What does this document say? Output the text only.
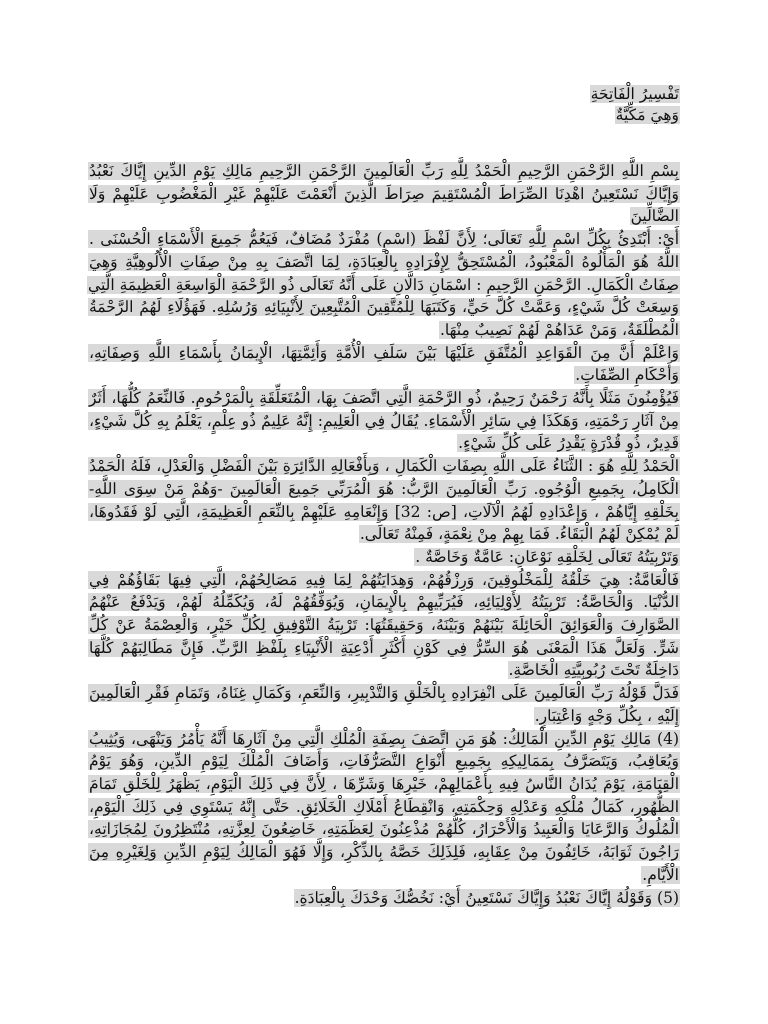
تَفْسِيرُ الْفَاتِحَةِ
وَهِيَ مَكِّيَّةٌ

بِسْمِ اللَّهِ الرَّحْمَنِ الرَّحِيمِ الْحَمْدُ لِلَّهِ رَبِّ الْعَالَمِينَ الرَّحْمَنِ الرَّحِيمِ مَالِكِ يَوْمِ الدِّينِ إِيَّاكَ نَعْبُدُ وَإِيَّاكَ نَسْتَعِينُ اهْدِنَا الصِّرَاطَ الْمُسْتَقِيمَ صِرَاطَ الَّذِينَ أَنْعَمْتَ عَلَيْهِمْ غَيْرِ الْمَغْضُوبِ عَلَيْهِمْ وَلَا الضَّالِّينَ

أَيْ: أَبْتَدِئُ بِكُلِّ اسْمٍ لِلَّهِ تَعَالَى؛ لِأَنَّ لَفْظَ (اسْمٍ) مُفْرَدٌ مُضَافٌ، فَيَعُمُّ جَمِيعَ الْأَسْمَاءِ الْحُسْنَى . اللَّهُ هُوَ الْمَأْلُوهُ الْمَعْبُودُ، الْمُسْتَحِقُّ لِإِفْرَادِهِ بِالْعِبَادَةِ، لِمَا اتَّصَفَ بِهِ مِنْ صِفَاتِ الْأُلُوهِيَّةِ وَهِيَ صِفَاتُ الْكَمَالِ. الرَّحْمَنِ الرَّحِيمِ : اسْمَانِ دَالَّانِ عَلَى أَنَّهُ تَعَالَى ذُو الرَّحْمَةِ الْوَاسِعَةِ الْعَظِيمَةِ الَّتِي وَسِعَتْ كُلَّ شَيْءٍ، وَعَمَّتْ كُلَّ حَيٍّ، وَكَتَبَهَا لِلْمُتَّقِينَ الْمُتَّبِعِينَ لِأَنْبِيَائِهِ وَرُسُلِهِ. فَهَؤُلَاءِ لَهُمُ الرَّحْمَةُ الْمُطْلَقَةُ، وَمَنْ عَدَاهُمْ لَهُمْ نَصِيبٌ مِنْهَا.

وَاعْلَمْ أَنَّ مِنَ الْقَوَاعِدِ الْمُتَّفَقِ عَلَيْهَا بَيْنَ سَلَفِ الْأُمَّةِ وَأَئِمَّتِهَا، الْإِيمَانُ بِأَسْمَاءِ اللَّهِ وَصِفَاتِهِ، وَأَحْكَامِ الصِّفَاتِ.

فَيُؤْمِنُونَ مَثَلًا بِأَنَّهُ رَحْمَنٌ رَحِيمٌ، ذُو الرَّحْمَةِ الَّتِي اتَّصَفَ بِهَا، الْمُتَعَلِّقَةِ بِالْمَرْحُومِ. فَالنِّعَمُ كُلُّهَا، أَثَرٌ مِنْ آثَارِ رَحْمَتِهِ، وَهَكَذَا فِي سَائِرِ الْأَسْمَاءِ. يُقَالُ فِي الْعَلِيمِ: إِنَّهُ عَلِيمٌ ذُو عِلْمٍ، يَعْلَمُ بِهِ كُلَّ شَيْءٍ، قَدِيرٌ، ذُو قُدْرَةٍ يَقْدِرُ عَلَى كُلِّ شَيْءٍ.

الْحَمْدُ لِلَّهِ هُوَ : الثَّنَاءُ عَلَى اللَّهِ بِصِفَاتِ الْكَمَالِ ، وَبِأَفْعَالِهِ الدَّائِرَةِ بَيْنَ الْفَضْلِ وَالْعَدْلِ، فَلَهُ الْحَمْدُ الْكَامِلُ، بِجَمِيعِ الْوُجُوهِ. رَبِّ الْعَالَمِينَ الرَّبُّ: هُوَ الْمُرَبِّي جَمِيعَ الْعَالَمِينَ -وَهُمْ مَنْ سِوَى اللَّهِ- بِخَلْقِهِ إِيَّاهُمْ ، وَإِعْدَادِهِ لَهُمُ الْآلَاتِ، [ص: 32] وَإِنْعَامِهِ عَلَيْهِمْ بِالنِّعَمِ الْعَظِيمَةِ، الَّتِي لَوْ فَقَدُوهَا، لَمْ يُمْكِنْ لَهُمُ الْبَقَاءُ. فَمَا بِهِمْ مِنْ نِعْمَةٍ، فَمِنْهُ تَعَالَى.

وَتَرْبِيَتُهُ تَعَالَى لِخَلْقِهِ نَوْعَانِ: عَامَّةٌ وَخَاصَّةٌ .

فَالْعَامَّةُ: هِيَ خَلْقُهُ لِلْمَخْلُوقِينَ، وَرِزْقُهُمْ، وَهِدَايَتُهُمْ لِمَا فِيهِ مَصَالِحُهُمْ، الَّتِي فِيهَا بَقَاؤُهُمْ فِي الدُّنْيَا. وَالْخَاصَّةُ: تَرْبِيَتُهُ لِأَوْلِيَائِهِ، فَيُرَبِّيهِمْ بِالْإِيمَانِ، وَيُوَفِّقُهُمْ لَهُ، وَيُكَمِّلُهُ لَهُمْ، وَيَدْفَعُ عَنْهُمُ الصَّوَارِفَ وَالْعَوَائِقَ الْحَائِلَةَ بَيْنَهُمْ وَبَيْنَهُ، وَحَقِيقَتُهَا: تَرْبِيَةُ التَّوْفِيقِ لِكُلِّ خَيْرٍ، وَالْعِصْمَةُ عَنْ كُلِّ شَرٍّ. وَلَعَلَّ هَذَا الْمَعْنَى هُوَ السِّرُّ فِي كَوْنِ أَكْثَرِ أَدْعِيَةِ الْأَنْبِيَاءِ بِلَفْظِ الرَّبِّ. فَإِنَّ مَطَالِبَهُمْ كُلَّهَا دَاخِلَةٌ تَحْتَ رُبُوبِيَّتِهِ الْخَاصَّةِ.

فَدَلَّ قَوْلُهُ رَبِّ الْعَالَمِينَ عَلَى انْفِرَادِهِ بِالْخَلْقِ وَالتَّدْبِيرِ، وَالنِّعَمِ، وَكَمَالِ غِنَاهُ، وَتَمَامِ فَقْرِ الْعَالَمِينَ إِلَيْهِ ، بِكُلِّ وَجْهٍ وَاعْتِبَارٍ.

(4) مَالِكِ يَوْمِ الدِّينِ الْمَالِكُ: هُوَ مَنِ اتَّصَفَ بِصِفَةِ الْمُلْكِ الَّتِي مِنْ آثَارِهَا أَنَّهُ يَأْمُرُ وَيَنْهَى، وَيُثِيبُ وَيُعَاقِبُ، وَيَتَصَرَّفُ بِمَمَالِيكِهِ بِجَمِيعِ أَنْوَاعِ التَّصَرُّفَاتِ، وَأَضَافَ الْمُلْكَ لِيَوْمِ الدِّينِ، وَهُوَ يَوْمُ الْقِيَامَةِ، يَوْمَ يُدَانُ النَّاسُ فِيهِ بِأَعْمَالِهِمْ، خَيْرِهَا وَشَرِّهَا ، لِأَنَّ فِي ذَلِكَ الْيَوْمِ، يَظْهَرُ لِلْخَلْقِ تَمَامَ الظُّهُورِ، كَمَالُ مُلْكِهِ وَعَدْلِهِ وَحِكْمَتِهِ، وَانْقِطَاعُ أَمْلَاكِ الْخَلَائِقِ. حَتَّى إِنَّهُ يَسْتَوِي فِي ذَلِكَ الْيَوْمِ، الْمُلُوكُ وَالرَّعَايَا وَالْعَبِيدُ وَالْأَحْرَارُ، كُلُّهُمْ مُذْعِنُونَ لِعَظَمَتِهِ، خَاضِعُونَ لِعِزَّتِهِ، مُنْتَظِرُونَ لِمُجَازَاتِهِ، رَاجُونَ ثَوَابَهُ، خَائِفُونَ مِنْ عِقَابِهِ، فَلِذَلِكَ خَصَّهُ بِالذِّكْرِ، وَإِلَّا فَهُوَ الْمَالِكُ لِيَوْمِ الدِّينِ وَلِغَيْرِهِ مِنَ الْأَيَّامِ.

(5) وَقَوْلُهُ إِيَّاكَ نَعْبُدُ وَإِيَّاكَ نَسْتَعِينُ أَيْ: نَخُصُّكَ وَحْدَكَ بِالْعِبَادَةِ.
